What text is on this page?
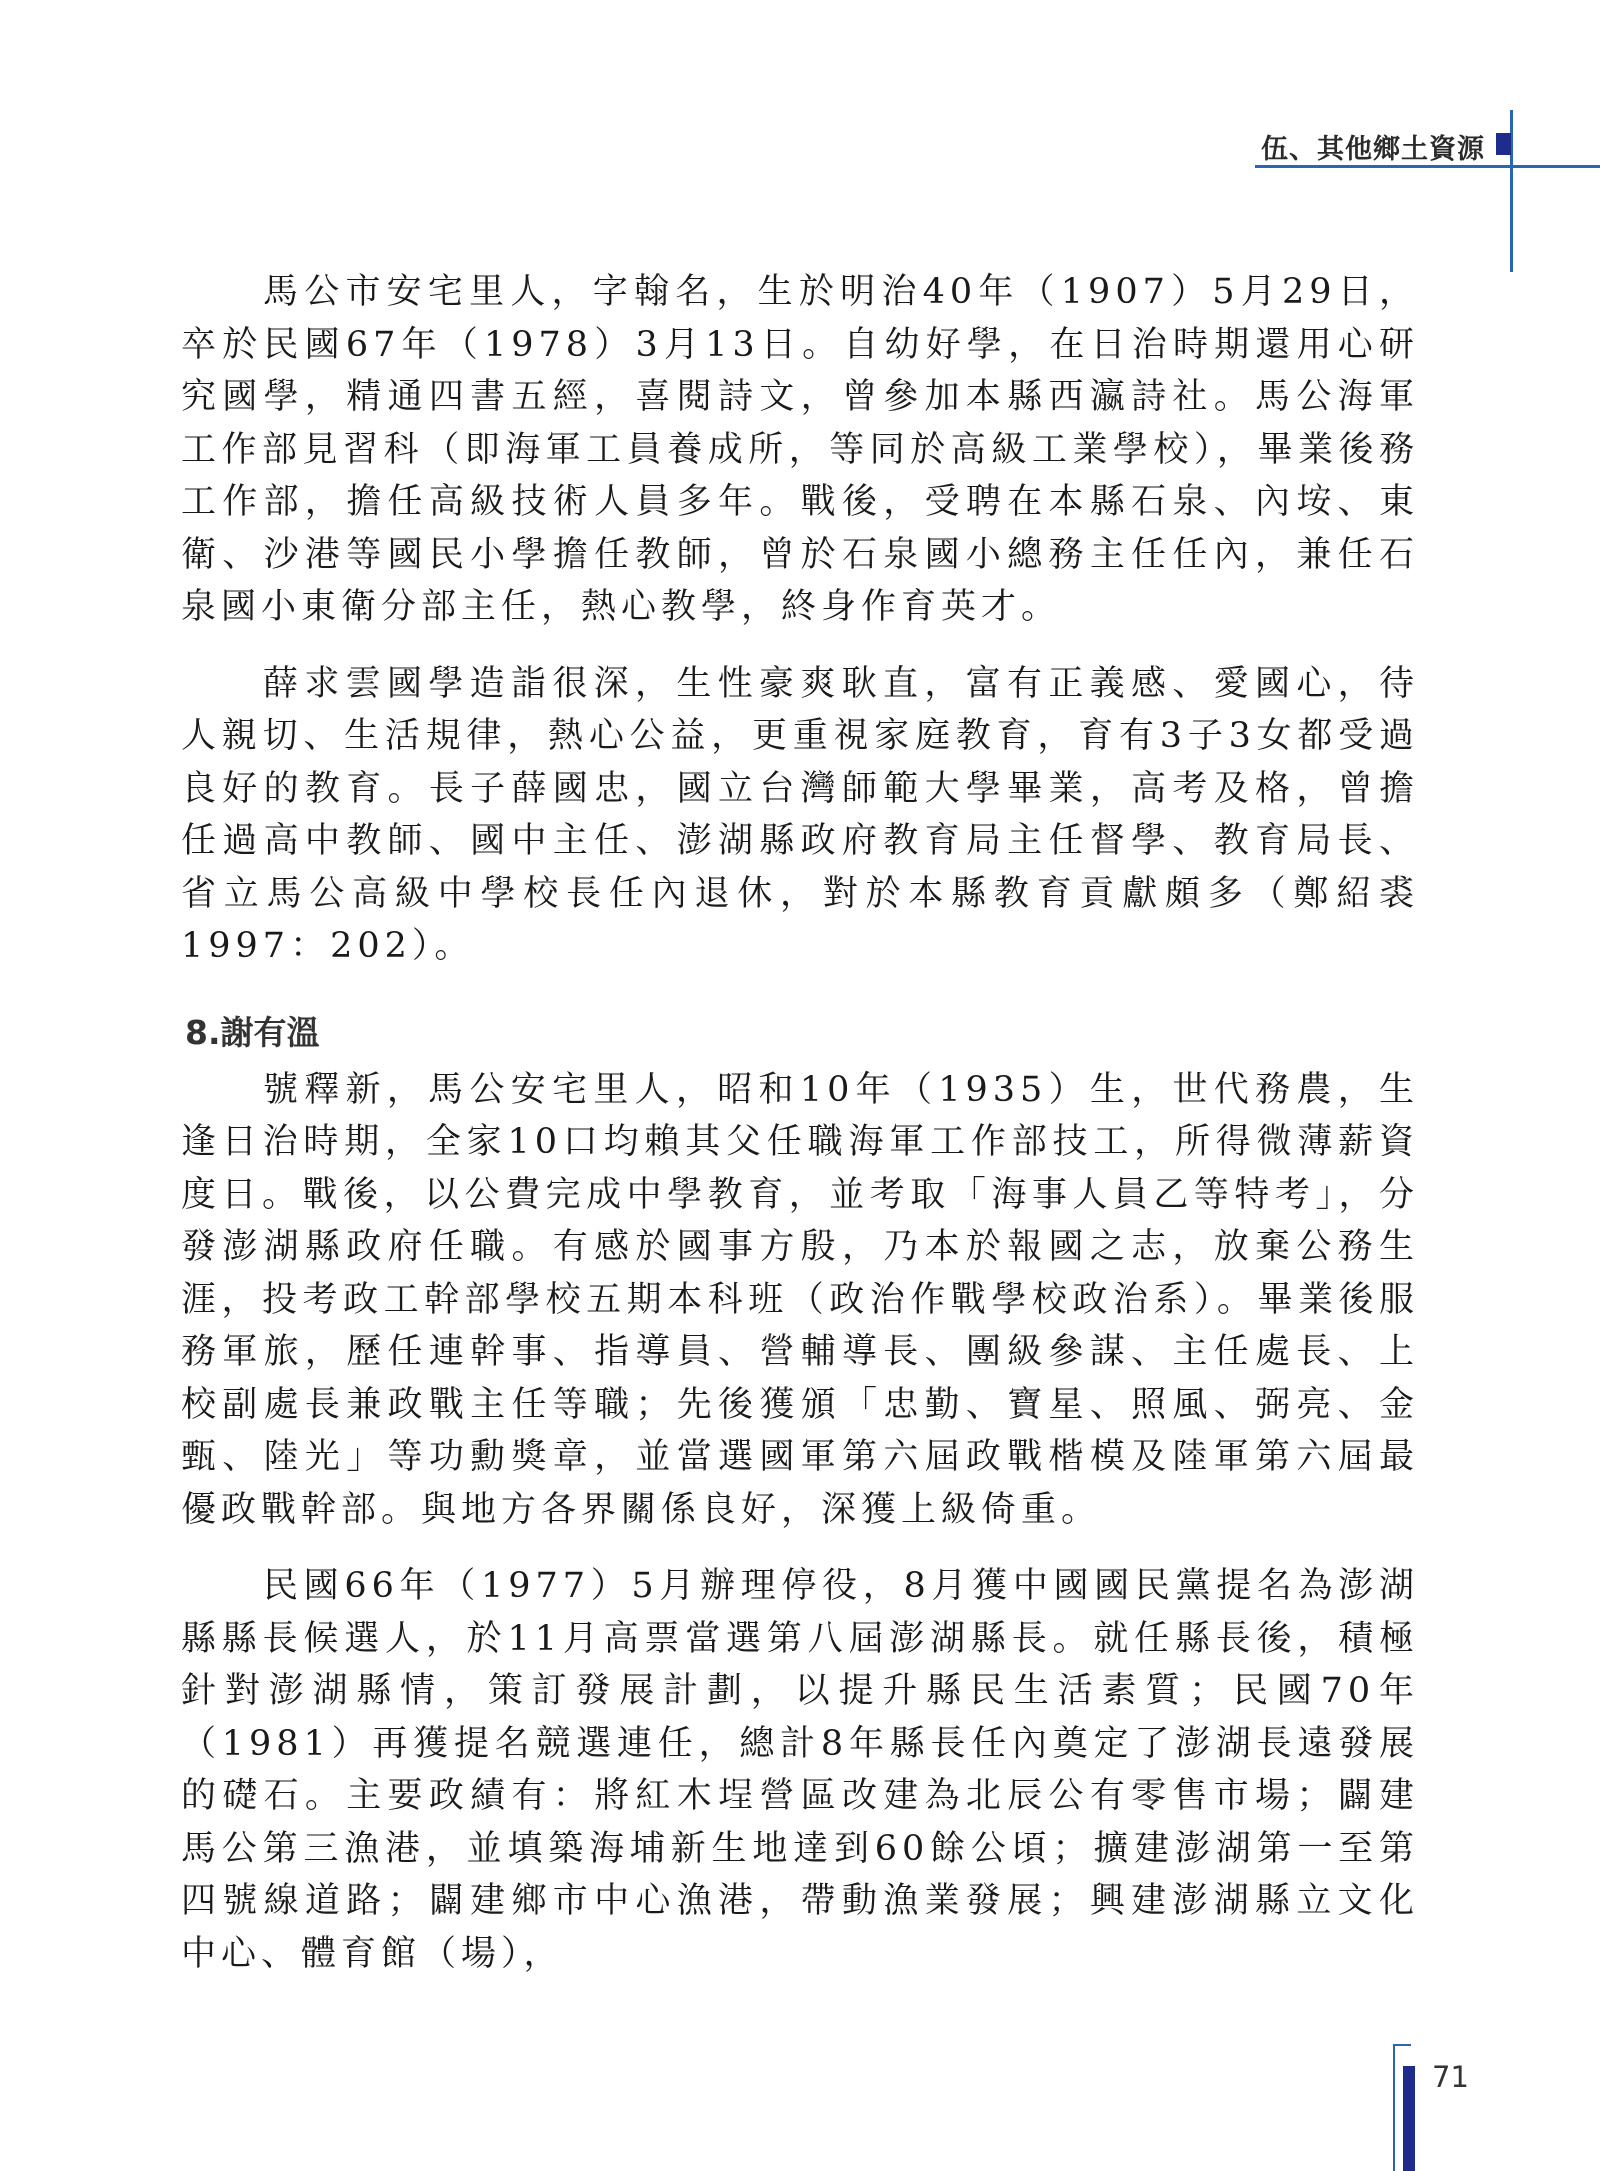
伍、其他鄉土資源

馬公市安宅里人，字翰名，生於明治40年（1907）5月29日，卒於民國67年（1978）3月13日。自幼好學，在日治時期還用心研究國學，精通四書五經，喜閱詩文，曾參加本縣西瀛詩社。馬公海軍工作部見習科（即海軍工員養成所，等同於高級工業學校），畢業後務工作部，擔任高級技術人員多年。戰後，受聘在本縣石泉、內垵、東衛、沙港等國民小學擔任教師，曾於石泉國小總務主任任內，兼任石泉國小東衛分部主任，熱心教學，終身作育英才。

薛求雲國學造詣很深，生性豪爽耿直，富有正義感、愛國心，待人親切、生活規律，熱心公益，更重視家庭教育，育有3子3女都受過良好的教育。長子薛國忠，國立台灣師範大學畢業，高考及格，曾擔任過高中教師、國中主任、澎湖縣政府教育局主任督學、教育局長、省立馬公高級中學校長任內退休，對於本縣教育貢獻頗多（鄭紹裘 1997：202）。

8.謝有溫

號釋新，馬公安宅里人，昭和10年（1935）生，世代務農，生逢日治時期，全家10口均賴其父任職海軍工作部技工，所得微薄薪資度日。戰後，以公費完成中學教育，並考取「海事人員乙等特考」，分發澎湖縣政府任職。有感於國事方殷，乃本於報國之志，放棄公務生涯，投考政工幹部學校五期本科班（政治作戰學校政治系）。畢業後服務軍旅，歷任連幹事、指導員、營輔導長、團級參謀、主任處長、上校副處長兼政戰主任等職；先後獲頒「忠勤、寶星、照風、弼亮、金甄、陸光」等功勳獎章，並當選國軍第六屆政戰楷模及陸軍第六屆最優政戰幹部。與地方各界關係良好，深獲上級倚重。

民國66年（1977）5月辦理停役，8月獲中國國民黨提名為澎湖縣縣長候選人，於11月高票當選第八屆澎湖縣長。就任縣長後，積極針對澎湖縣情，策訂發展計劃，以提升縣民生活素質；民國70年（1981）再獲提名競選連任，總計8年縣長任內奠定了澎湖長遠發展的礎石。主要政績有：將紅木埕營區改建為北辰公有零售市場；闢建馬公第三漁港，並填築海埔新生地達到60餘公頃；擴建澎湖第一至第四號線道路；闢建鄉市中心漁港，帶動漁業發展；興建澎湖縣立文化中心、體育館（場），

71
